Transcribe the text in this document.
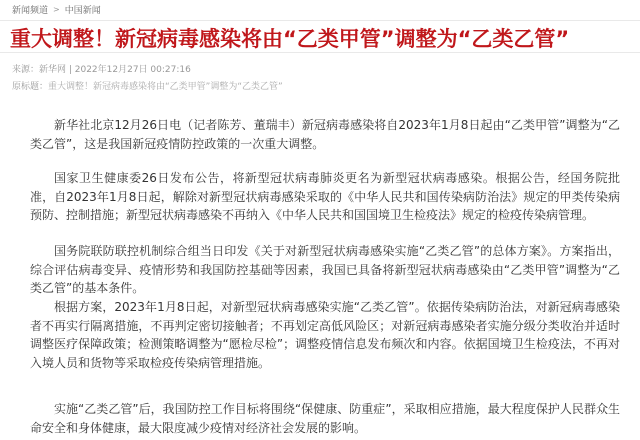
新闻频道 > 中国新闻
重大调整！新冠病毒感染将由“乙类甲管”调整为“乙类乙管”
来源：新华网 | 2022年12月27日 00:27:16
原标题：重大调整！新冠病毒感染将由“乙类甲管”调整为“乙类乙管”

新华社北京12月26日电（记者陈芳、董瑞丰）新冠病毒感染将自2023年1月8日起由“乙类甲管”调整为“乙类乙管”，这是我国新冠疫情防控政策的一次重大调整。

国家卫生健康委26日发布公告，将新型冠状病毒肺炎更名为新型冠状病毒感染。根据公告，经国务院批准，自2023年1月8日起，解除对新型冠状病毒感染采取的《中华人民共和国传染病防治法》规定的甲类传染病预防、控制措施；新型冠状病毒感染不再纳入《中华人民共和国国境卫生检疫法》规定的检疫传染病管理。

国务院联防联控机制综合组当日印发《关于对新型冠状病毒感染实施“乙类乙管”的总体方案》。方案指出，综合评估病毒变异、疫情形势和我国防控基础等因素，我国已具备将新型冠状病毒感染由“乙类甲管”调整为“乙类乙管”的基本条件。

根据方案，2023年1月8日起，对新型冠状病毒感染实施“乙类乙管”。依据传染病防治法，对新冠病毒感染者不再实行隔离措施，不再判定密切接触者；不再划定高低风险区；对新冠病毒感染者实施分级分类收治并适时调整医疗保障政策；检测策略调整为“愿检尽检”；调整疫情信息发布频次和内容。依据国境卫生检疫法，不再对入境人员和货物等采取检疫传染病管理措施。

实施“乙类乙管”后，我国防控工作目标将围绕“保健康、防重症”，采取相应措施，最大程度保护人民群众生命安全和身体健康，最大限度减少疫情对经济社会发展的影响。
